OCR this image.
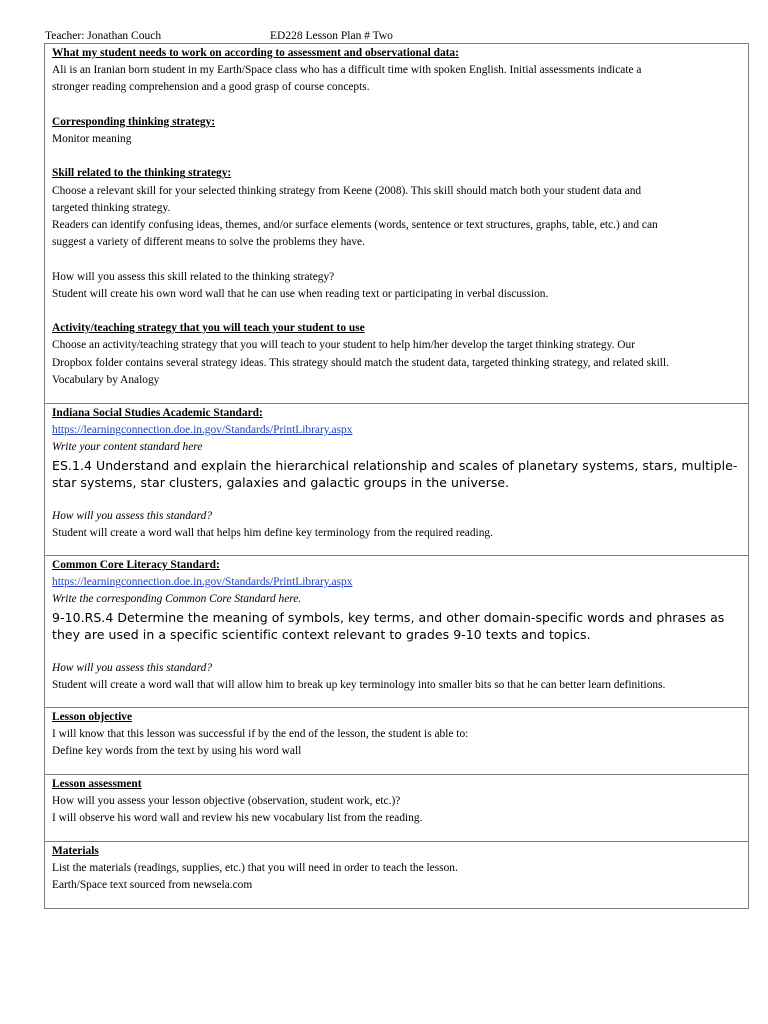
Teacher: Jonathan Couch	ED228 Lesson Plan # Two
What my student needs to work on according to assessment and observational data:
Ali is an Iranian born student in my Earth/Space class who has a difficult time with spoken English. Initial assessments indicate a
stronger reading comprehension and a good grasp of course concepts.
Corresponding thinking strategy:
Monitor meaning
Skill related to the thinking strategy:
Choose a relevant skill for your selected thinking strategy from Keene (2008). This skill should match both your student data and
targeted thinking strategy.
Readers can identify confusing ideas, themes, and/or surface elements (words, sentence or text structures, graphs, table, etc.) and can
suggest a variety of different means to solve the problems they have.
How will you assess this skill related to the thinking strategy?
Student will create his own word wall that he can use when reading text or participating in verbal discussion.
Activity/teaching strategy that you will teach your student to use
Choose an activity/teaching strategy that you will teach to your student to help him/her develop the target thinking strategy. Our
Dropbox folder contains several strategy ideas. This strategy should match the student data, targeted thinking strategy, and related skill.
Vocabulary by Analogy
Indiana Social Studies Academic Standard:
https://learningconnection.doe.in.gov/Standards/PrintLibrary.aspx
Write your content standard here
ES.1.4 Understand and explain the hierarchical relationship and scales of planetary systems, stars, multiple-star systems, star clusters, galaxies and galactic groups in the universe.
How will you assess this standard?
Student will create a word wall that helps him define key terminology from the required reading.
Common Core Literacy Standard:
https://learningconnection.doe.in.gov/Standards/PrintLibrary.aspx
Write the corresponding Common Core Standard here.
9-10.RS.4 Determine the meaning of symbols, key terms, and other domain-specific words and phrases as they are used in a specific scientific context relevant to grades 9-10 texts and topics.
How will you assess this standard?
Student will create a word wall that will allow him to break up key terminology into smaller bits so that he can better learn definitions.
Lesson objective
I will know that this lesson was successful if by the end of the lesson, the student is able to:
Define key words from the text by using his word wall
Lesson assessment
How will you assess your lesson objective (observation, student work, etc.)?
I will observe his word wall and review his new vocabulary list from the reading.
Materials
List the materials (readings, supplies, etc.) that you will need in order to teach the lesson.
Earth/Space text sourced from newsela.com
